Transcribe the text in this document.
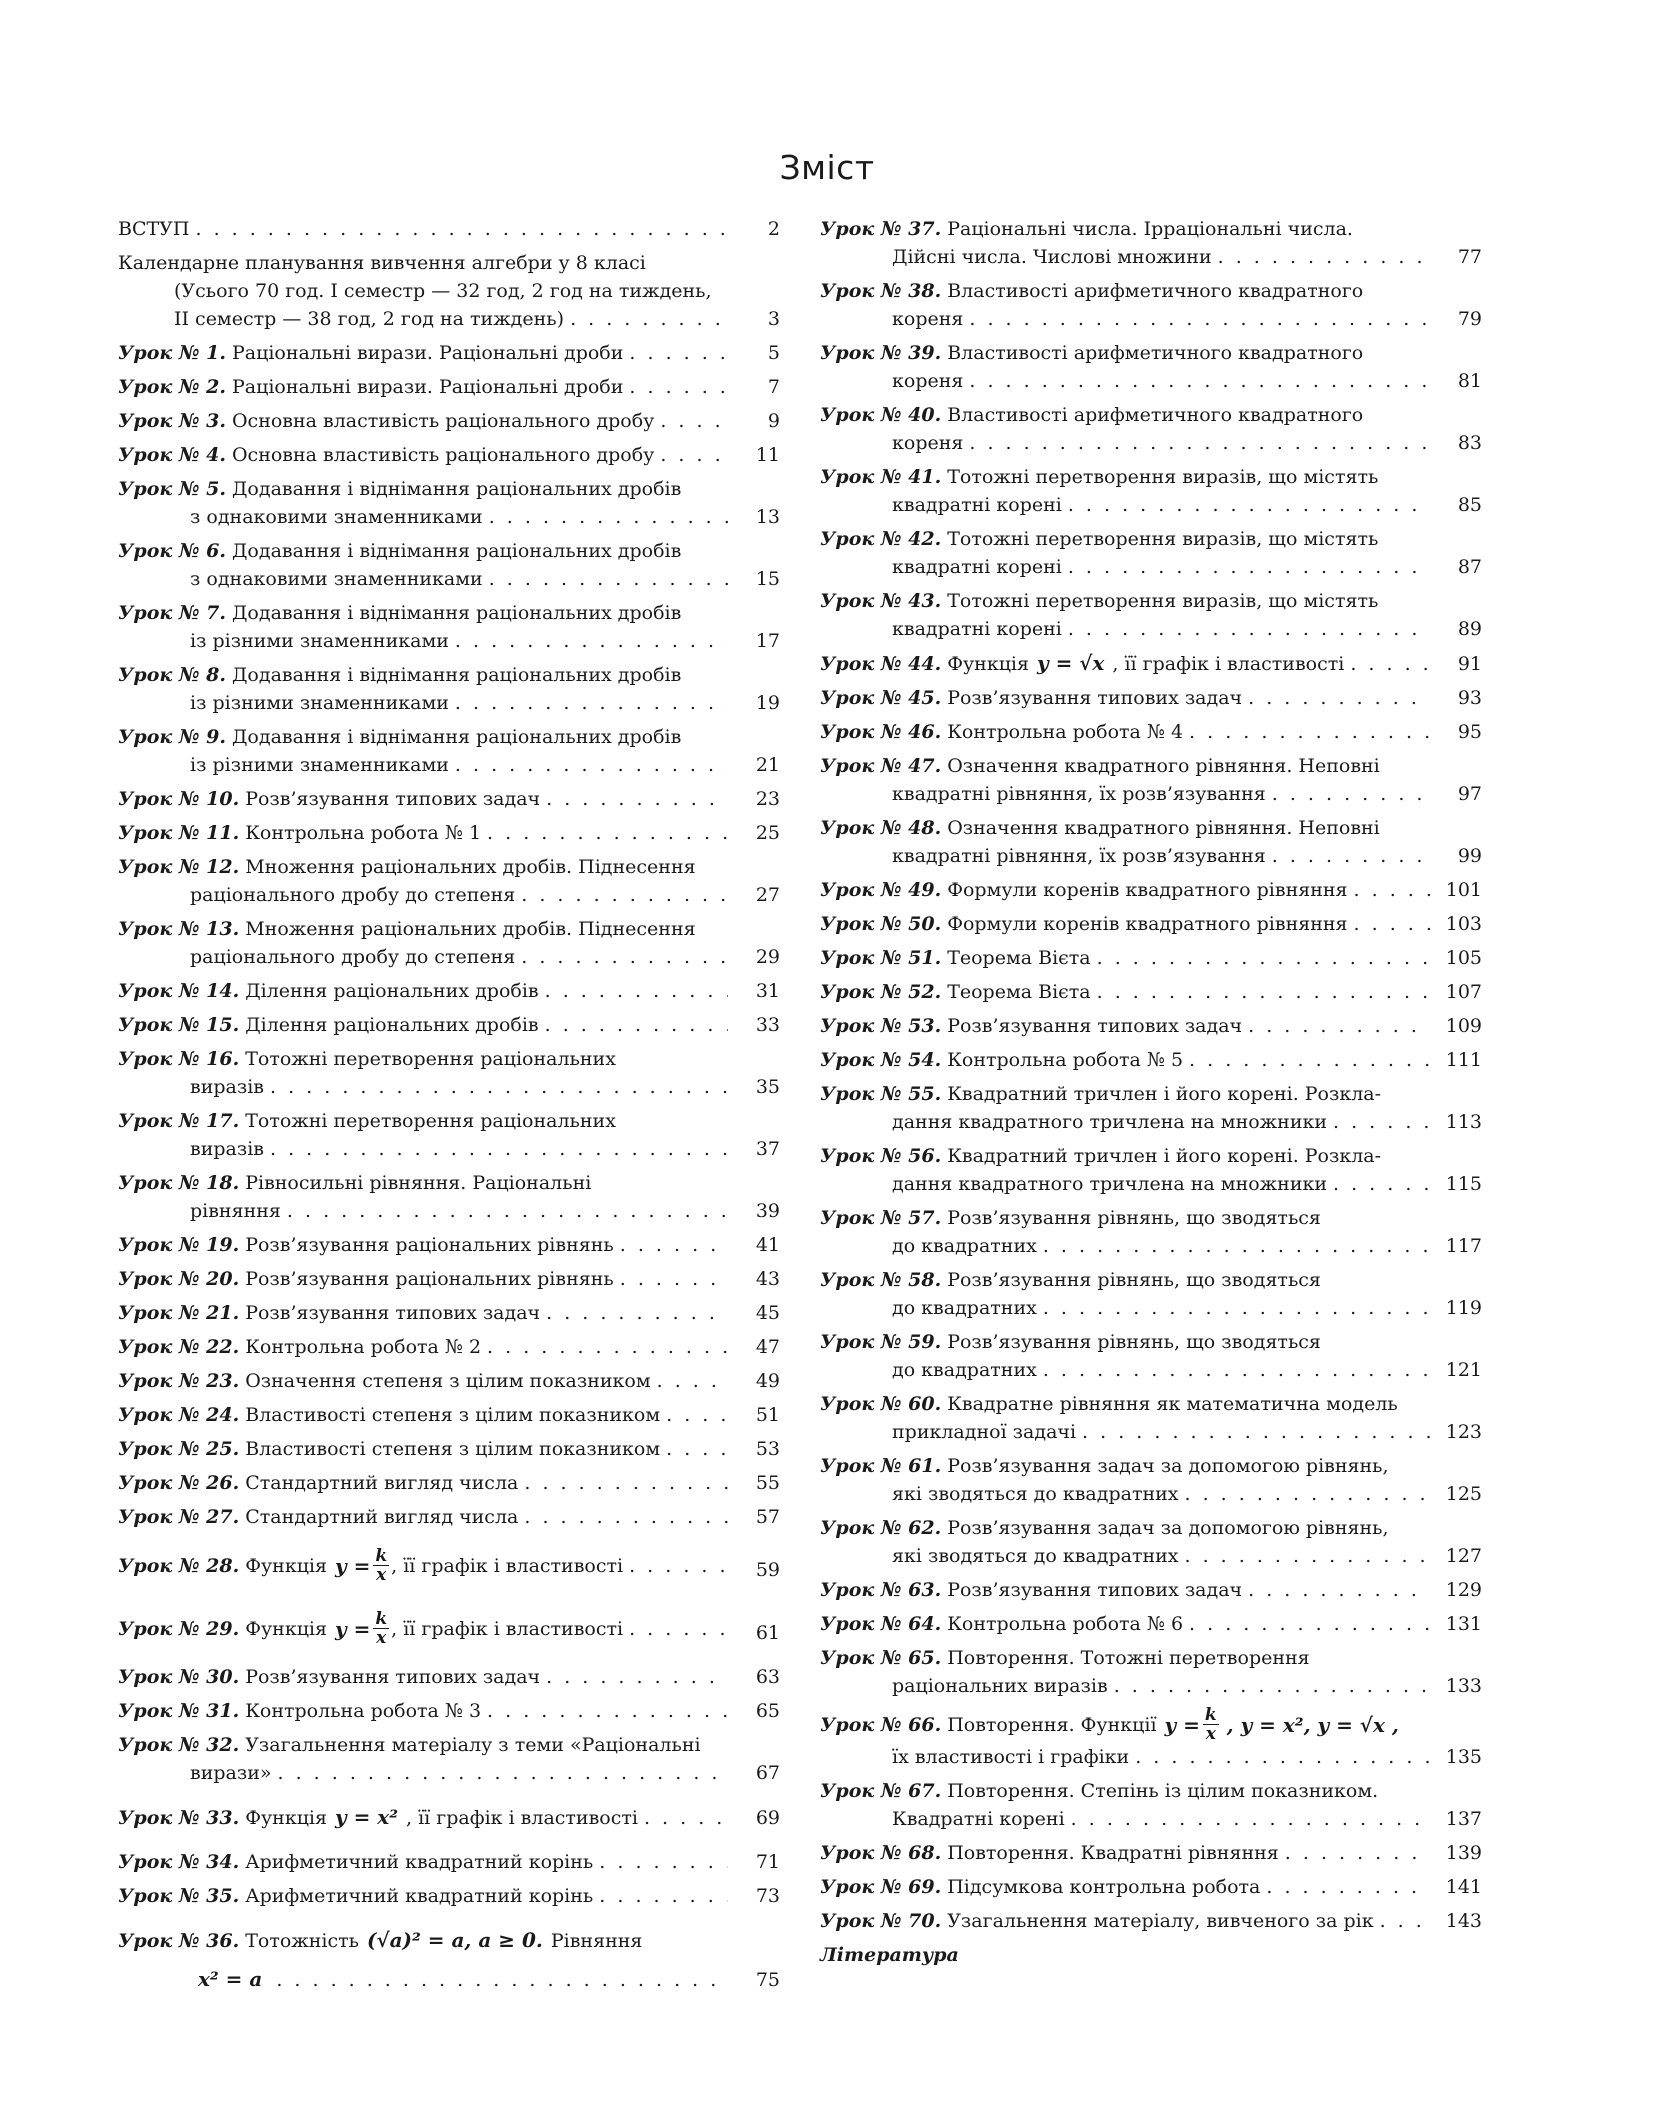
Зміст
ВСТУП . . .	2
Календарне планування вивчення алгебри у 8 класі
(Усього 70 год. І семестр — 32 год, 2 год на тиждень,
ІІ семестр — 38 год, 2 год на тиждень) . . .	3
Урок № 1. Раціональні вирази. Раціональні дроби . . .	5
Урок № 2. Раціональні вирази. Раціональні дроби . . .	7
Урок № 3. Основна властивість раціонального дробу . . .	9
Урок № 4. Основна властивість раціонального дробу . . .	11
Урок № 5. Додавання і віднімання раціональних дробів
з однаковими знаменниками . . .	13
Урок № 6. Додавання і віднімання раціональних дробів
з однаковими знаменниками . . .	15
Урок № 7. Додавання і віднімання раціональних дробів
із різними знаменниками . . .	17
Урок № 8. Додавання і віднімання раціональних дробів
із різними знаменниками . . .	19
Урок № 9. Додавання і віднімання раціональних дробів
із різними знаменниками . . .	21
Урок № 10. Розв’язування типових задач . . .	23
Урок № 11. Контрольна робота № 1 . . .	25
Урок № 12. Множення раціональних дробів. Піднесення
раціонального дробу до степеня . . .	27
Урок № 13. Множення раціональних дробів. Піднесення
раціонального дробу до степеня . . .	29
Урок № 14. Ділення раціональних дробів . . .	31
Урок № 15. Ділення раціональних дробів . . .	33
Урок № 16. Тотожні перетворення раціональних
виразів . . .	35
Урок № 17. Тотожні перетворення раціональних
виразів . . .	37
Урок № 18. Рівносильні рівняння. Раціональні
рівняння . . .	39
Урок № 19. Розв’язування раціональних рівнянь . . .	41
Урок № 20. Розв’язування раціональних рівнянь . . .	43
Урок № 21. Розв’язування типових задач . . .	45
Урок № 22. Контрольна робота № 2 . . .	47
Урок № 23. Означення степеня з цілим показником . . .	49
Урок № 24. Властивості степеня з цілим показником . . .	51
Урок № 25. Властивості степеня з цілим показником . . .	53
Урок № 26. Стандартний вигляд числа . . .	55
Урок № 27. Стандартний вигляд числа . . .	57
Урок № 28. Функція $y = \frac{k}{x}$ , її графік і властивості . . .	59
Урок № 29. Функція $y = \frac{k}{x}$ , її графік і властивості . . .	61
Урок № 30. Розв’язування типових задач . . .	63
Урок № 31. Контрольна робота № 3 . . .	65
Урок № 32. Узагальнення матеріалу з теми «Раціональні
вирази» . . .	67
Урок № 33. Функція y = x² , її графік і властивості . . .	69
Урок № 34. Арифметичний квадратний корінь . . .	71
Урок № 35. Арифметичний квадратний корінь . . .	73
Урок № 36. Тотожність (√a)² = a, a ≥ 0. Рівняння
x² = a . . .	75
Урок № 37. Раціональні числа. Ірраціональні числа.
Дійсні числа. Числові множини . . .	77
Урок № 38. Властивості арифметичного квадратного
кореня . . .	79
Урок № 39. Властивості арифметичного квадратного
кореня . . .	81
Урок № 40. Властивості арифметичного квадратного
кореня . . .	83
Урок № 41. Тотожні перетворення виразів, що містять
квадратні корені . . .	85
Урок № 42. Тотожні перетворення виразів, що містять
квадратні корені . . .	87
Урок № 43. Тотожні перетворення виразів, що містять
квадратні корені . . .	89
Урок № 44. Функція y = √x , її графік і властивості . . .	91
Урок № 45. Розв’язування типових задач . . .	93
Урок № 46. Контрольна робота № 4 . . .	95
Урок № 47. Означення квадратного рівняння. Неповні
квадратні рівняння, їх розв’язування . . .	97
Урок № 48. Означення квадратного рівняння. Неповні
квадратні рівняння, їх розв’язування . . .	99
Урок № 49. Формули коренів квадратного рівняння . . .	101
Урок № 50. Формули коренів квадратного рівняння . . .	103
Урок № 51. Теорема Вієта . . .	105
Урок № 52. Теорема Вієта . . .	107
Урок № 53. Розв’язування типових задач . . .	109
Урок № 54. Контрольна робота № 5 . . .	111
Урок № 55. Квадратний тричлен і його корені. Розкла-
дання квадратного тричлена на множники . . .	113
Урок № 56. Квадратний тричлен і його корені. Розкла-
дання квадратного тричлена на множники . . .	115
Урок № 57. Розв’язування рівнянь, що зводяться
до квадратних . . .	117
Урок № 58. Розв’язування рівнянь, що зводяться
до квадратних . . .	119
Урок № 59. Розв’язування рівнянь, що зводяться
до квадратних . . .	121
Урок № 60. Квадратне рівняння як математична модель
прикладної задачі . . .	123
Урок № 61. Розв’язування задач за допомогою рівнянь,
які зводяться до квадратних . . .	125
Урок № 62. Розв’язування задач за допомогою рівнянь,
які зводяться до квадратних . . .	127
Урок № 63. Розв’язування типових задач . . .	129
Урок № 64. Контрольна робота № 6 . . .	131
Урок № 65. Повторення. Тотожні перетворення
раціональних виразів . . .	133
Урок № 66. Повторення. Функції $y = \frac{k}{x}$ , y = x², y = √x ,
їх властивості і графіки . . .	135
Урок № 67. Повторення. Степінь із цілим показником.
Квадратні корені . . .	137
Урок № 68. Повторення. Квадратні рівняння . . .	139
Урок № 69. Підсумкова контрольна робота . . .	141
Урок № 70. Узагальнення матеріалу, вивченого за рік . . .	143
Література
